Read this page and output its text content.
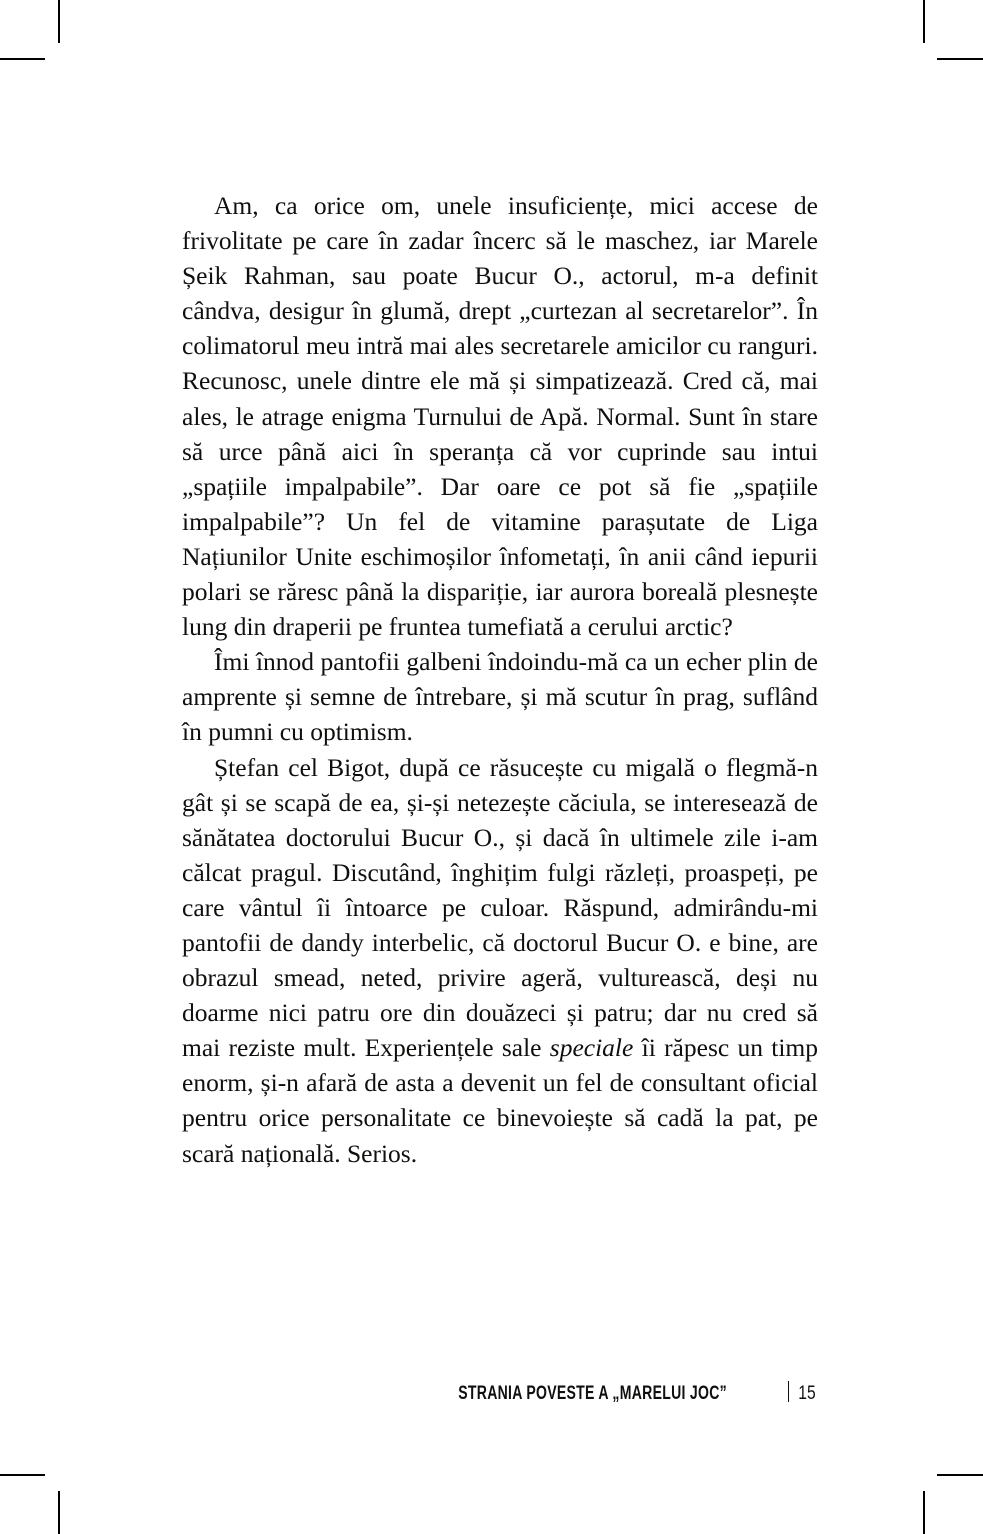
Am, ca orice om, unele insuficiențe, mici accese de frivolitate pe care în zadar încerc să le maschez, iar Marele Șeik Rahman, sau poate Bucur O., actorul, m-a definit cândva, desigur în glumă, drept „curtezan al secretarelor”. În colimatorul meu intră mai ales secretarele amicilor cu ranguri. Recunosc, unele dintre ele mă și simpatizează. Cred că, mai ales, le atrage enigma Turnului de Apă. Normal. Sunt în stare să urce până aici în speranța că vor cuprinde sau intui „spațiile impalpabile”. Dar oare ce pot să fie „spațiile impalpabile”? Un fel de vitamine parașutate de Liga Națiunilor Unite eschimoșilor înfometați, în anii când iepurii polari se răresc până la dispariție, iar aurora boreală plesnește lung din draperii pe fruntea tumefiată a cerului arctic?

Îmi înnod pantofii galbeni îndoindu-mă ca un echer plin de amprente și semne de întrebare, și mă scutur în prag, suflând în pumni cu optimism.

Ștefan cel Bigot, după ce răsucește cu migală o flegmă-n gât și se scapă de ea, și-și netezește căciula, se interesează de sănătatea doctorului Bucur O., și dacă în ultimele zile i-am călcat pragul. Discutând, înghițim fulgi răzleți, proaspeți, pe care vântul îi întoarce pe culoar. Răspund, admirându-mi pantofii de dandy interbelic, că doctorul Bucur O. e bine, are obrazul smead, neted, privire ageră, vulturească, deși nu doarme nici patru ore din douăzeci și patru; dar nu cred să mai reziste mult. Experiențele sale speciale îi răpesc un timp enorm, și-n afară de asta a devenit un fel de consultant oficial pentru orice personalitate ce binevoiește să cadă la pat, pe scară națională. Serios.

STRANIA POVESTE A „MARELUI JOC”	15
